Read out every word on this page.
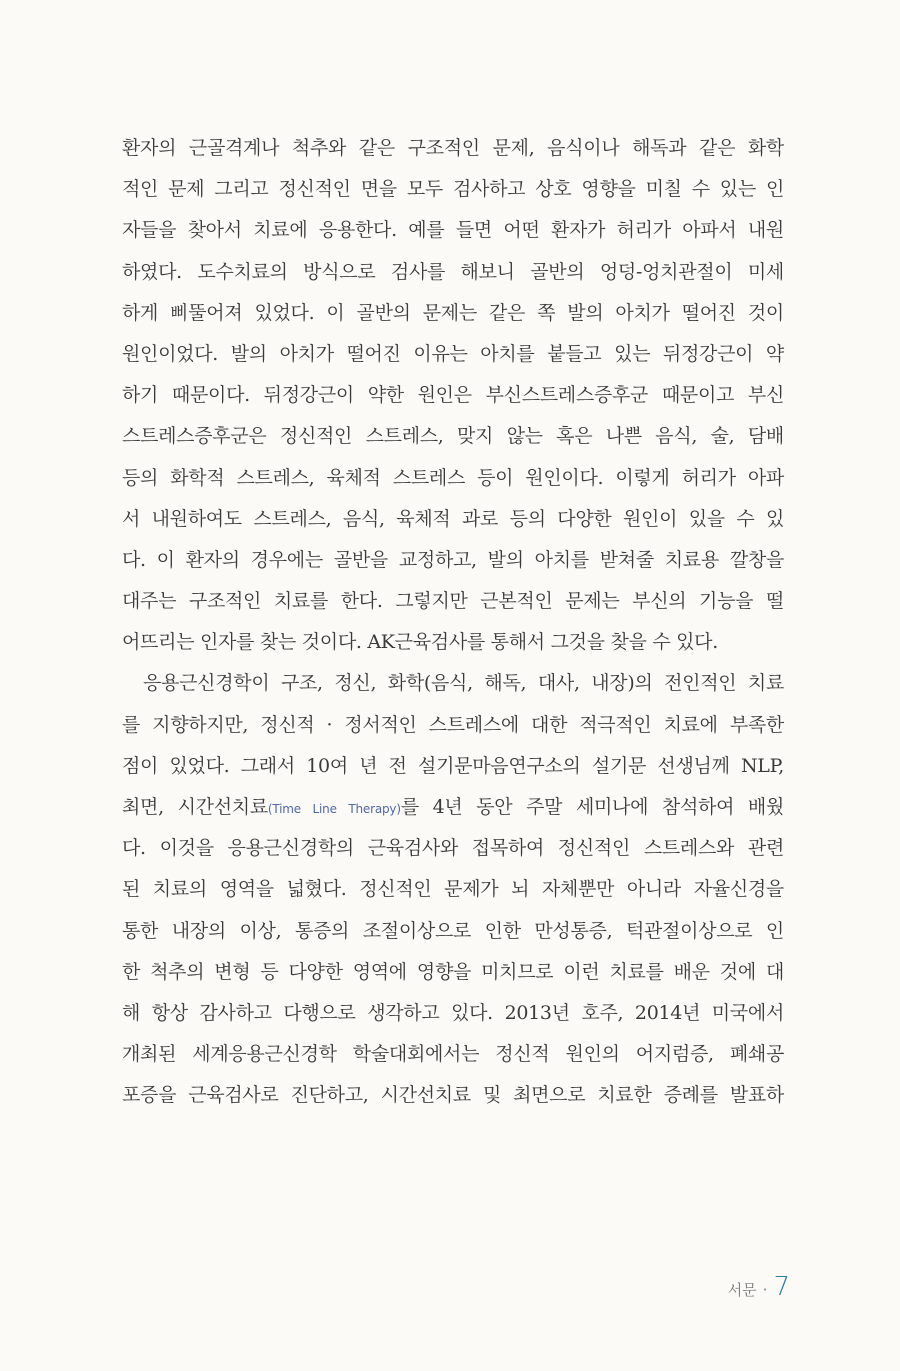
환자의 근골격계나 척추와 같은 구조적인 문제, 음식이나 해독과 같은 화학
적인 문제 그리고 정신적인 면을 모두 검사하고 상호 영향을 미칠 수 있는 인
자들을 찾아서 치료에 응용한다. 예를 들면 어떤 환자가 허리가 아파서 내원
하였다. 도수치료의 방식으로 검사를 해보니 골반의 엉덩-엉치관절이 미세
하게 삐뚤어져 있었다. 이 골반의 문제는 같은 쪽 발의 아치가 떨어진 것이
원인이었다. 발의 아치가 떨어진 이유는 아치를 붙들고 있는 뒤정강근이 약
하기 때문이다. 뒤정강근이 약한 원인은 부신스트레스증후군 때문이고 부신
스트레스증후군은 정신적인 스트레스, 맞지 않는 혹은 나쁜 음식, 술, 담배
등의 화학적 스트레스, 육체적 스트레스 등이 원인이다. 이렇게 허리가 아파
서 내원하여도 스트레스, 음식, 육체적 과로 등의 다양한 원인이 있을 수 있
다. 이 환자의 경우에는 골반을 교정하고, 발의 아치를 받쳐줄 치료용 깔창을
대주는 구조적인 치료를 한다. 그렇지만 근본적인 문제는 부신의 기능을 떨
어뜨리는 인자를 찾는 것이다. AK근육검사를 통해서 그것을 찾을 수 있다.
응용근신경학이 구조, 정신, 화학(음식, 해독, 대사, 내장)의 전인적인 치료
를 지향하지만, 정신적 · 정서적인 스트레스에 대한 적극적인 치료에 부족한
점이 있었다. 그래서 10여 년 전 설기문마음연구소의 설기문 선생님께 NLP,
최면, 시간선치료(Time Line Therapy)를 4년 동안 주말 세미나에 참석하여 배웠
다. 이것을 응용근신경학의 근육검사와 접목하여 정신적인 스트레스와 관련
된 치료의 영역을 넓혔다. 정신적인 문제가 뇌 자체뿐만 아니라 자율신경을
통한 내장의 이상, 통증의 조절이상으로 인한 만성통증, 턱관절이상으로 인
한 척추의 변형 등 다양한 영역에 영향을 미치므로 이런 치료를 배운 것에 대
해 항상 감사하고 다행으로 생각하고 있다. 2013년 호주, 2014년 미국에서
개최된 세계응용근신경학 학술대회에서는 정신적 원인의 어지럼증, 폐쇄공
포증을 근육검사로 진단하고, 시간선치료 및 최면으로 치료한 증례를 발표하
서문 · 7
